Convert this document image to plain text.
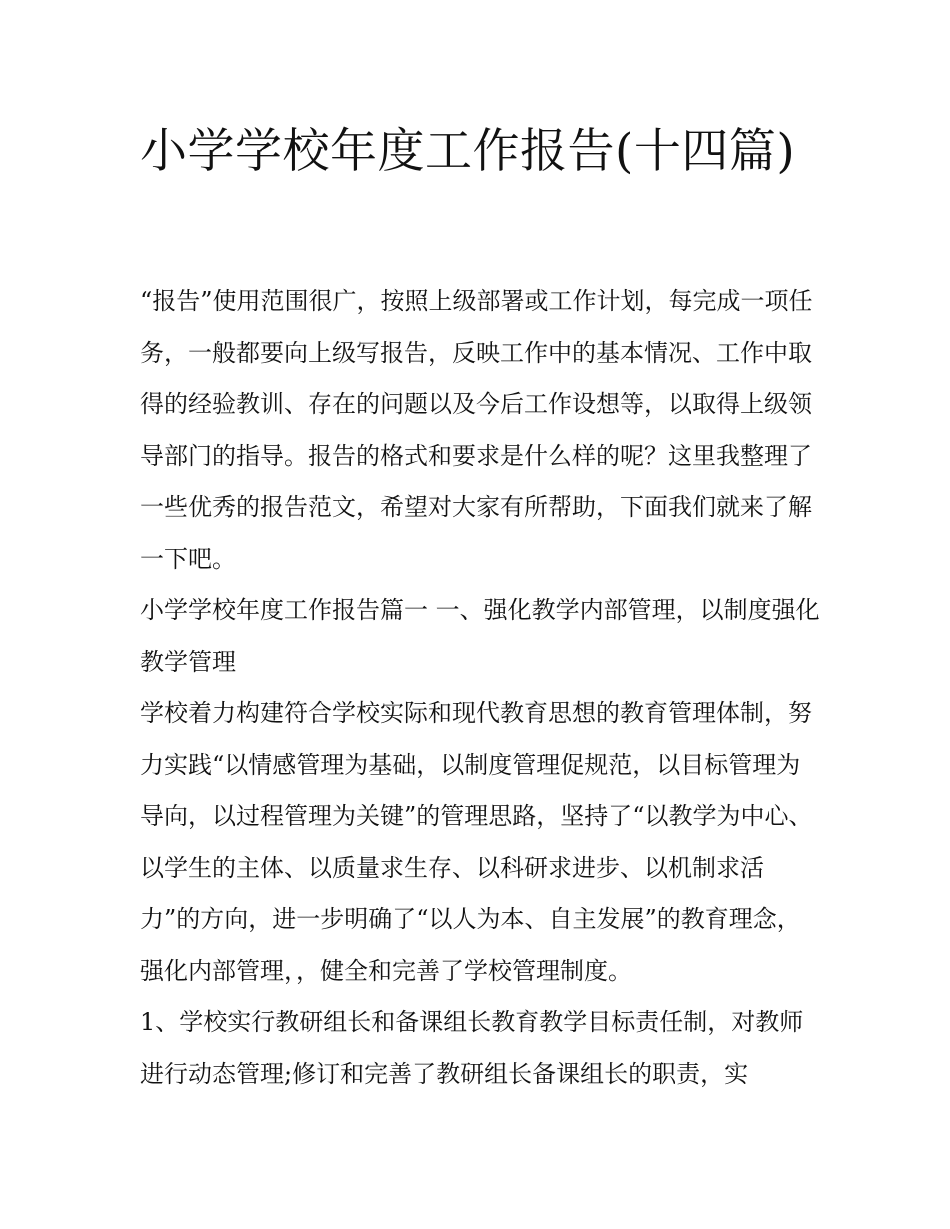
小学学校年度工作报告(十四篇)

“报告”使用范围很广，按照上级部署或工作计划，每完成一项任务，一般都要向上级写报告，反映工作中的基本情况、工作中取得的经验教训、存在的问题以及今后工作设想等，以取得上级领导部门的指导。报告的格式和要求是什么样的呢？这里我整理了一些优秀的报告范文，希望对大家有所帮助，下面我们就来了解一下吧。

小学学校年度工作报告篇一 一、强化教学内部管理，以制度强化教学管理

学校着力构建符合学校实际和现代教育思想的教育管理体制，努力实践“以情感管理为基础，以制度管理促规范，以目标管理为导向，以过程管理为关键”的管理思路，坚持了“以教学为中心、以学生的主体、以质量求生存、以科研求进步、以机制求活力”的方向，进一步明确了“以人为本、自主发展”的教育理念，强化内部管理，，健全和完善了学校管理制度。

1、学校实行教研组长和备课组长教育教学目标责任制，对教师进行动态管理;修订和完善了教研组长备课组长的职责，实
